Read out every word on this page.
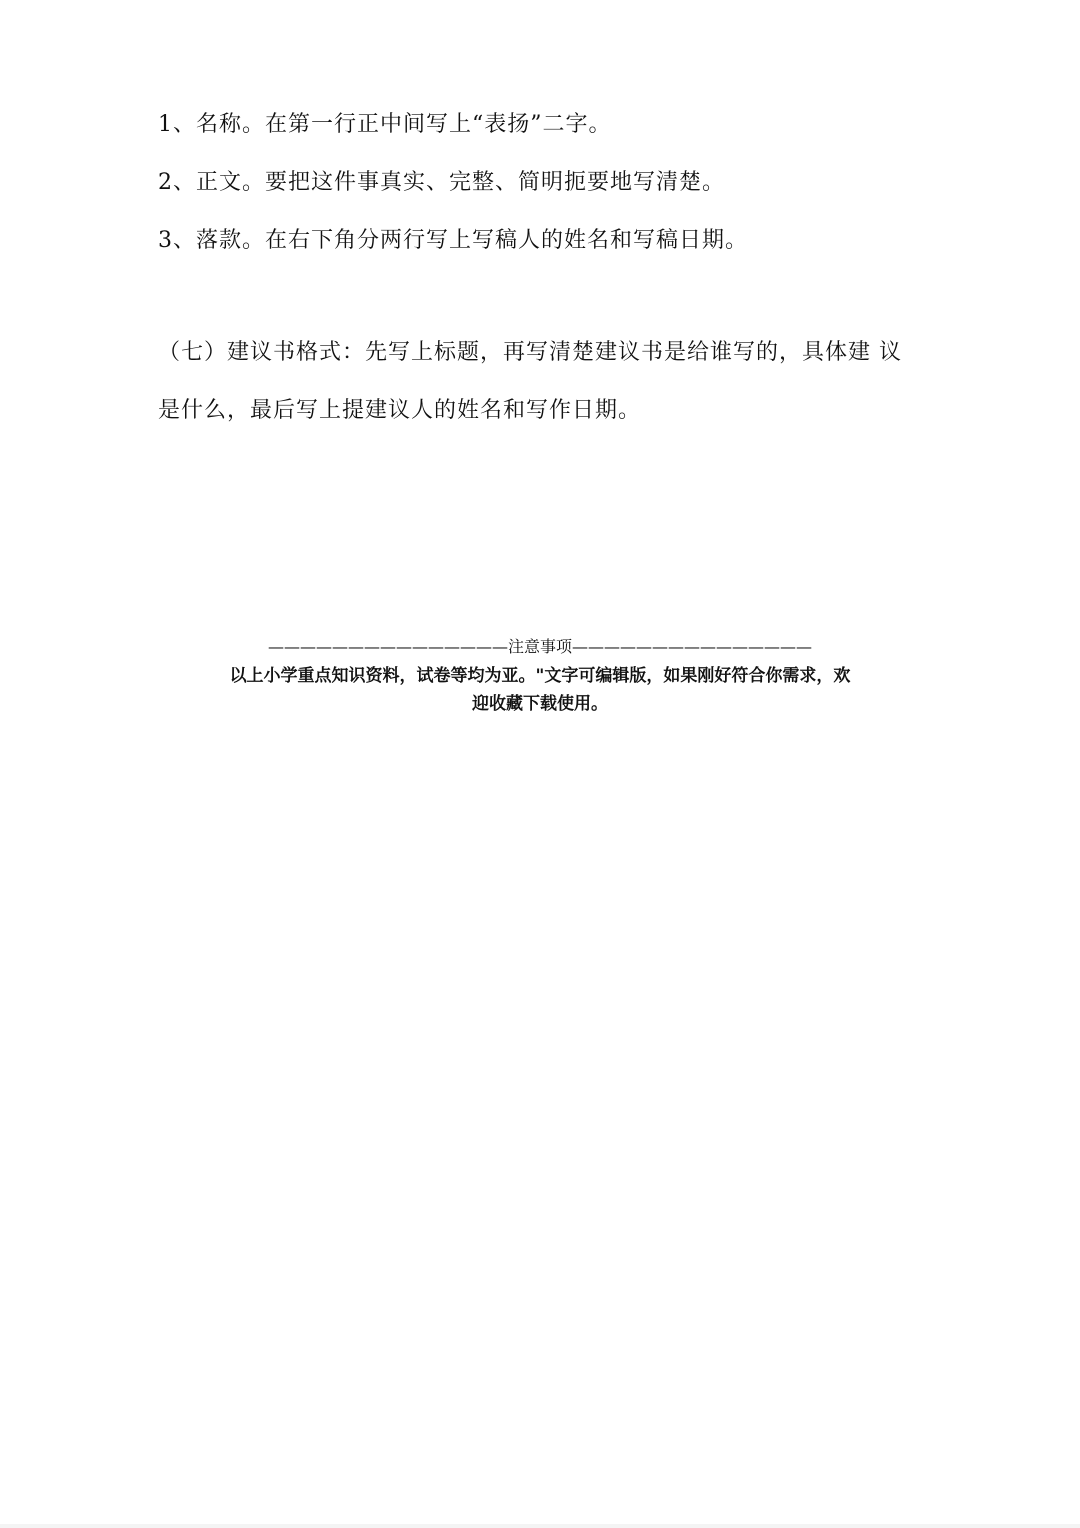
1、名称。在第一行正中间写上“表扬”二字。
2、正文。要把这件事真实、完整、简明扼要地写清楚。
3、落款。在右下角分两行写上写稿人的姓名和写稿日期。
（七）建议书格式：先写上标题，再写清楚建议书是给谁写的，具体建 议
是什么，最后写上提建议人的姓名和写作日期。
———————————————注意事项———————————————
以上小学重点知识资料，试卷等均为亚。"文字可编辑版，如果刚好符合你需求，欢
迎收藏下载使用。
